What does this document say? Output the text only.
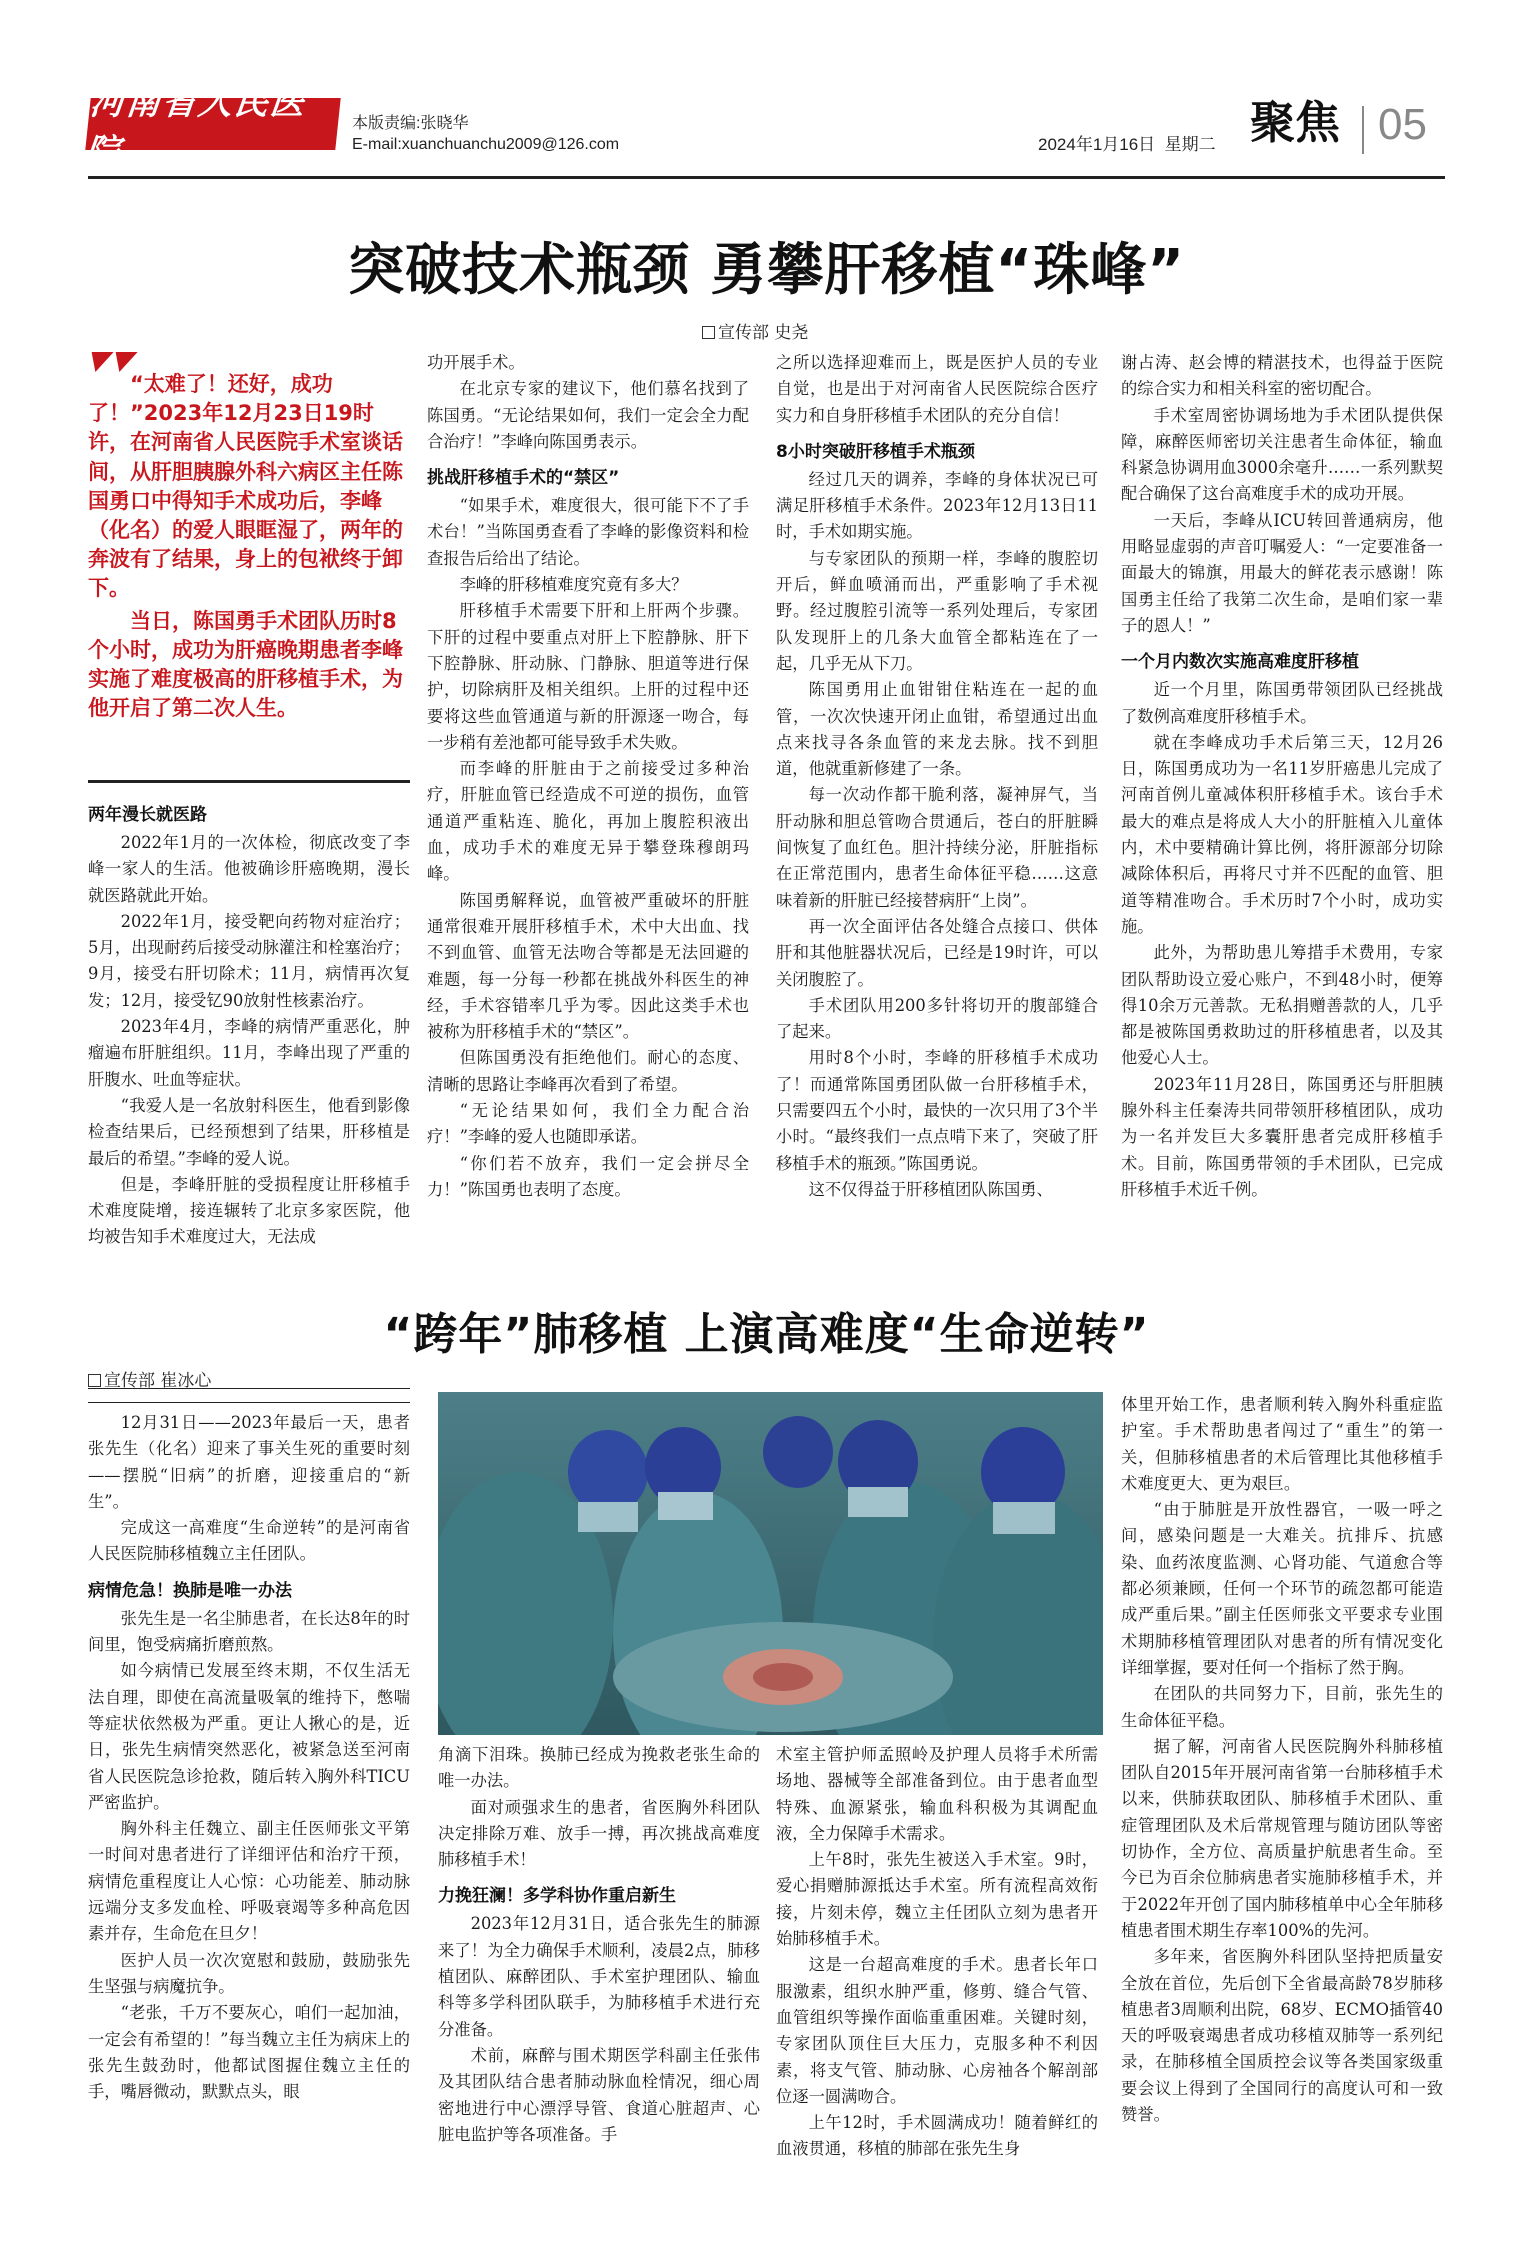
河南省人民医院
本版责编:张晓华
E-mail:xuanchuanchu2009@126.com	2024年1月16日 星期二 聚焦 05
突破技术瓶颈 勇攀肝移植“珠峰”
宣传部 史尧

“太难了！还好，成功了！”2023年12月23日19时许，在河南省人民医院手术室谈话间，从肝胆胰腺外科六病区主任陈国勇口中得知手术成功后，李峰（化名）的爱人眼眶湿了，两年的奔波有了结果，身上的包袱终于卸下。

当日，陈国勇手术团队历时8个小时，成功为肝癌晚期患者李峰实施了难度极高的肝移植手术，为他开启了第二次人生。

两年漫长就医路

2022年1月的一次体检，彻底改变了李峰一家人的生活。他被确诊肝癌晚期，漫长就医路就此开始。

2022年1月，接受靶向药物对症治疗；5月，出现耐药后接受动脉灌注和栓塞治疗；9月，接受右肝切除术；11月，病情再次复发；12月，接受钇90放射性核素治疗。

2023年4月，李峰的病情严重恶化，肿瘤遍布肝脏组织。11月，李峰出现了严重的肝腹水、吐血等症状。

“我爱人是一名放射科医生，他看到影像检查结果后，已经预想到了结果，肝移植是最后的希望。”李峰的爱人说。

但是，李峰肝脏的受损程度让肝移植手术难度陡增，接连辗转了北京多家医院，他均被告知手术难度过大，无法成

功开展手术。

在北京专家的建议下，他们慕名找到了陈国勇。“无论结果如何，我们一定会全力配合治疗！”李峰向陈国勇表示。

挑战肝移植手术的“禁区”

“如果手术，难度很大，很可能下不了手术台！”当陈国勇查看了李峰的影像资料和检查报告后给出了结论。

李峰的肝移植难度究竟有多大？

肝移植手术需要下肝和上肝两个步骤。下肝的过程中要重点对肝上下腔静脉、肝下下腔静脉、肝动脉、门静脉、胆道等进行保护，切除病肝及相关组织。上肝的过程中还要将这些血管通道与新的肝源逐一吻合，每一步稍有差池都可能导致手术失败。

而李峰的肝脏由于之前接受过多种治疗，肝脏血管已经造成不可逆的损伤，血管通道严重粘连、脆化，再加上腹腔积液出血，成功手术的难度无异于攀登珠穆朗玛峰。

陈国勇解释说，血管被严重破坏的肝脏通常很难开展肝移植手术，术中大出血、找不到血管、血管无法吻合等都是无法回避的难题，每一分每一秒都在挑战外科医生的神经，手术容错率几乎为零。因此这类手术也被称为肝移植手术的“禁区”。

但陈国勇没有拒绝他们。耐心的态度、清晰的思路让李峰再次看到了希望。

“无论结果如何，我们全力配合治疗！”李峰的爱人也随即承诺。

“你们若不放弃，我们一定会拼尽全力！”陈国勇也表明了态度。

之所以选择迎难而上，既是医护人员的专业自觉，也是出于对河南省人民医院综合医疗实力和自身肝移植手术团队的充分自信！

8小时突破肝移植手术瓶颈

经过几天的调养，李峰的身体状况已可满足肝移植手术条件。2023年12月13日11时，手术如期实施。

与专家团队的预期一样，李峰的腹腔切开后，鲜血喷涌而出，严重影响了手术视野。经过腹腔引流等一系列处理后，专家团队发现肝上的几条大血管全都粘连在了一起，几乎无从下刀。

陈国勇用止血钳钳住粘连在一起的血管，一次次快速开闭止血钳，希望通过出血点来找寻各条血管的来龙去脉。找不到胆道，他就重新修建了一条。

每一次动作都干脆利落，凝神屏气，当肝动脉和胆总管吻合贯通后，苍白的肝脏瞬间恢复了血红色。胆汁持续分泌，肝脏指标在正常范围内，患者生命体征平稳……这意味着新的肝脏已经接替病肝“上岗”。

再一次全面评估各处缝合点接口、供体肝和其他脏器状况后，已经是19时许，可以关闭腹腔了。

手术团队用200多针将切开的腹部缝合了起来。

用时8个小时，李峰的肝移植手术成功了！而通常陈国勇团队做一台肝移植手术，只需要四五个小时，最快的一次只用了3个半小时。“最终我们一点点啃下来了，突破了肝移植手术的瓶颈。”陈国勇说。

这不仅得益于肝移植团队陈国勇、

谢占涛、赵会博的精湛技术，也得益于医院的综合实力和相关科室的密切配合。

手术室周密协调场地为手术团队提供保障，麻醉医师密切关注患者生命体征，输血科紧急协调用血3000余毫升……一系列默契配合确保了这台高难度手术的成功开展。

一天后，李峰从ICU转回普通病房，他用略显虚弱的声音叮嘱爱人：“一定要准备一面最大的锦旗，用最大的鲜花表示感谢！陈国勇主任给了我第二次生命，是咱们家一辈子的恩人！”

一个月内数次实施高难度肝移植

近一个月里，陈国勇带领团队已经挑战了数例高难度肝移植手术。

就在李峰成功手术后第三天，12月26日，陈国勇成功为一名11岁肝癌患儿完成了河南首例儿童减体积肝移植手术。该台手术最大的难点是将成人大小的肝脏植入儿童体内，术中要精确计算比例，将肝源部分切除减除体积后，再将尺寸并不匹配的血管、胆道等精准吻合。手术历时7个小时，成功实施。

此外，为帮助患儿筹措手术费用，专家团队帮助设立爱心账户，不到48小时，便筹得10余万元善款。无私捐赠善款的人，几乎都是被陈国勇救助过的肝移植患者，以及其他爱心人士。

2023年11月28日，陈国勇还与肝胆胰腺外科主任秦涛共同带领肝移植团队，成功为一名并发巨大多囊肝患者完成肝移植手术。目前，陈国勇带领的手术团队，已完成肝移植手术近千例。

“跨年”肺移植 上演高难度“生命逆转”
宣传部 崔冰心

12月31日——2023年最后一天，患者张先生（化名）迎来了事关生死的重要时刻——摆脱“旧病”的折磨，迎接重启的“新生”。

完成这一高难度“生命逆转”的是河南省人民医院肺移植魏立主任团队。

病情危急！换肺是唯一办法

张先生是一名尘肺患者，在长达8年的时间里，饱受病痛折磨煎熬。

如今病情已发展至终末期，不仅生活无法自理，即使在高流量吸氧的维持下，憋喘等症状依然极为严重。更让人揪心的是，近日，张先生病情突然恶化，被紧急送至河南省人民医院急诊抢救，随后转入胸外科TICU严密监护。

胸外科主任魏立、副主任医师张文平第一时间对患者进行了详细评估和治疗干预，病情危重程度让人心惊：心功能差、肺动脉远端分支多发血栓、呼吸衰竭等多种高危因素并存，生命危在旦夕！

医护人员一次次宽慰和鼓励，鼓励张先生坚强与病魔抗争。

“老张，千万不要灰心，咱们一起加油，一定会有希望的！”每当魏立主任为病床上的张先生鼓劲时，他都试图握住魏立主任的手，嘴唇微动，默默点头，眼

角滴下泪珠。换肺已经成为挽救老张生命的唯一办法。

面对顽强求生的患者，省医胸外科团队决定排除万难、放手一搏，再次挑战高难度肺移植手术！

力挽狂澜！多学科协作重启新生

2023年12月31日，适合张先生的肺源来了！为全力确保手术顺利，凌晨2点，肺移植团队、麻醉团队、手术室护理团队、输血科等多学科团队联手，为肺移植手术进行充分准备。

术前，麻醉与围术期医学科副主任张伟及其团队结合患者肺动脉血栓情况，细心周密地进行中心漂浮导管、食道心脏超声、心脏电监护等各项准备。手

术室主管护师孟照岭及护理人员将手术所需场地、器械等全部准备到位。由于患者血型特殊、血源紧张，输血科积极为其调配血液，全力保障手术需求。

上午8时，张先生被送入手术室。9时，爱心捐赠肺源抵达手术室。所有流程高效衔接，片刻未停，魏立主任团队立刻为患者开始肺移植手术。

这是一台超高难度的手术。患者长年口服激素，组织水肿严重，修剪、缝合气管、血管组织等操作面临重重困难。关键时刻，专家团队顶住巨大压力，克服多种不利因素，将支气管、肺动脉、心房袖各个解剖部位逐一圆满吻合。

上午12时，手术圆满成功！随着鲜红的血液贯通，移植的肺部在张先生身

体里开始工作，患者顺利转入胸外科重症监护室。手术帮助患者闯过了“重生”的第一关，但肺移植患者的术后管理比其他移植手术难度更大、更为艰巨。

“由于肺脏是开放性器官，一吸一呼之间，感染问题是一大难关。抗排斥、抗感染、血药浓度监测、心肾功能、气道愈合等都必须兼顾，任何一个环节的疏忽都可能造成严重后果。”副主任医师张文平要求专业围术期肺移植管理团队对患者的所有情况变化详细掌握，要对任何一个指标了然于胸。

在团队的共同努力下，目前，张先生的生命体征平稳。

据了解，河南省人民医院胸外科肺移植团队自2015年开展河南省第一台肺移植手术以来，供肺获取团队、肺移植手术团队、重症管理团队及术后常规管理与随访团队等密切协作，全方位、高质量护航患者生命。至今已为百余位肺病患者实施肺移植手术，并于2022年开创了国内肺移植单中心全年肺移植患者围术期生存率100%的先河。

多年来，省医胸外科团队坚持把质量安全放在首位，先后创下全省最高龄78岁肺移植患者3周顺利出院，68岁、ECMO插管40天的呼吸衰竭患者成功移植双肺等一系列纪录，在肺移植全国质控会议等各类国家级重要会议上得到了全国同行的高度认可和一致赞誉。
